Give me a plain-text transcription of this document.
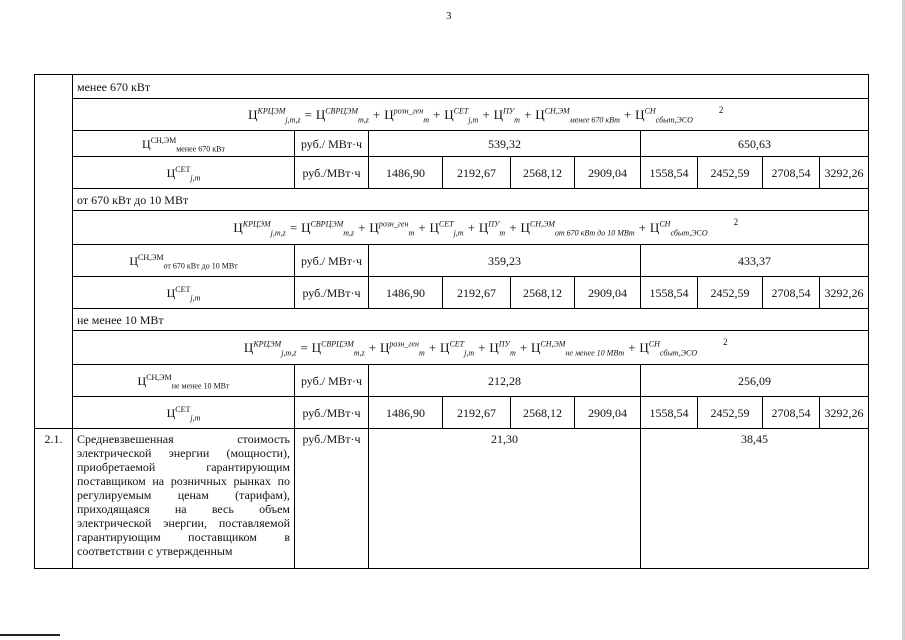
3
	менее 670 кВт									
	$Ц^{КРЦЭМ}_{j,m,z} = Ц^{СВРЦЭМ}_{m,z} + Ц^{розн\_ген}_m + Ц^{СЕТ}_{j,m} + Ц^{ПУ}_m + Ц^{СН,ЭМ}_{менее 670 кВт} + Ц^{СН}_{сбыт,ЭСО}$
2									

	$Ц^{СН,ЭМ}_{менее 670 кВт}$	руб./ МВт·ч	539,32				650,63			
	$Ц^{СЕТ}_{j,m}$	руб./МВт·ч	1486,90	2192,67	2568,12	2909,04	1558,54	2452,59	2708,54	3292,26
	от 670 кВт до 10 МВт									
	$Ц^{КРЦЭМ}_{j,m,z} = Ц^{СВРЦЭМ}_{m,z} + Ц^{розн\_ген}_m + Ц^{СЕТ}_{j,m} + Ц^{ПУ}_m + Ц^{СН,ЭМ}_{от 670 кВт до 10 МВт} + Ц^{СН}_{сбыт,ЭСО}$
2									

	$Ц^{СН,ЭМ}_{от 670 кВт до 10 МВт}$	руб./ МВт·ч	359,23				433,37			
	$Ц^{СЕТ}_{j,m}$	руб./МВт·ч	1486,90	2192,67	2568,12	2909,04	1558,54	2452,59	2708,54	3292,26
	не менее 10 МВт									
	$Ц^{КРЦЭМ}_{j,m,z} = Ц^{СВРЦЭМ}_{m,z} + Ц^{розн\_ген}_m + Ц^{СЕТ}_{j,m} + Ц^{ПУ}_m + Ц^{СН,ЭМ}_{не менее 10 МВт} + Ц^{СН}_{сбыт,ЭСО}$
2									

	$Ц^{СН,ЭМ}_{не менее 10 МВт}$	руб./ МВт·ч	212,28				256,09			
	$Ц^{СЕТ}_{j,m}$	руб./МВт·ч	1486,90	2192,67	2568,12	2909,04	1558,54	2452,59	2708,54	3292,26
2.1.	Средневзвешенная стоимость электрической энергии (мощности), приобретаемой гарантирующим поставщиком на розничных рынках по регулируемым ценам (тарифам), приходящаяся на весь объем электрической энергии, поставляемой гарантирующим поставщиком в соответствии с утвержденным	руб./МВт·ч	21,30				38,45			
